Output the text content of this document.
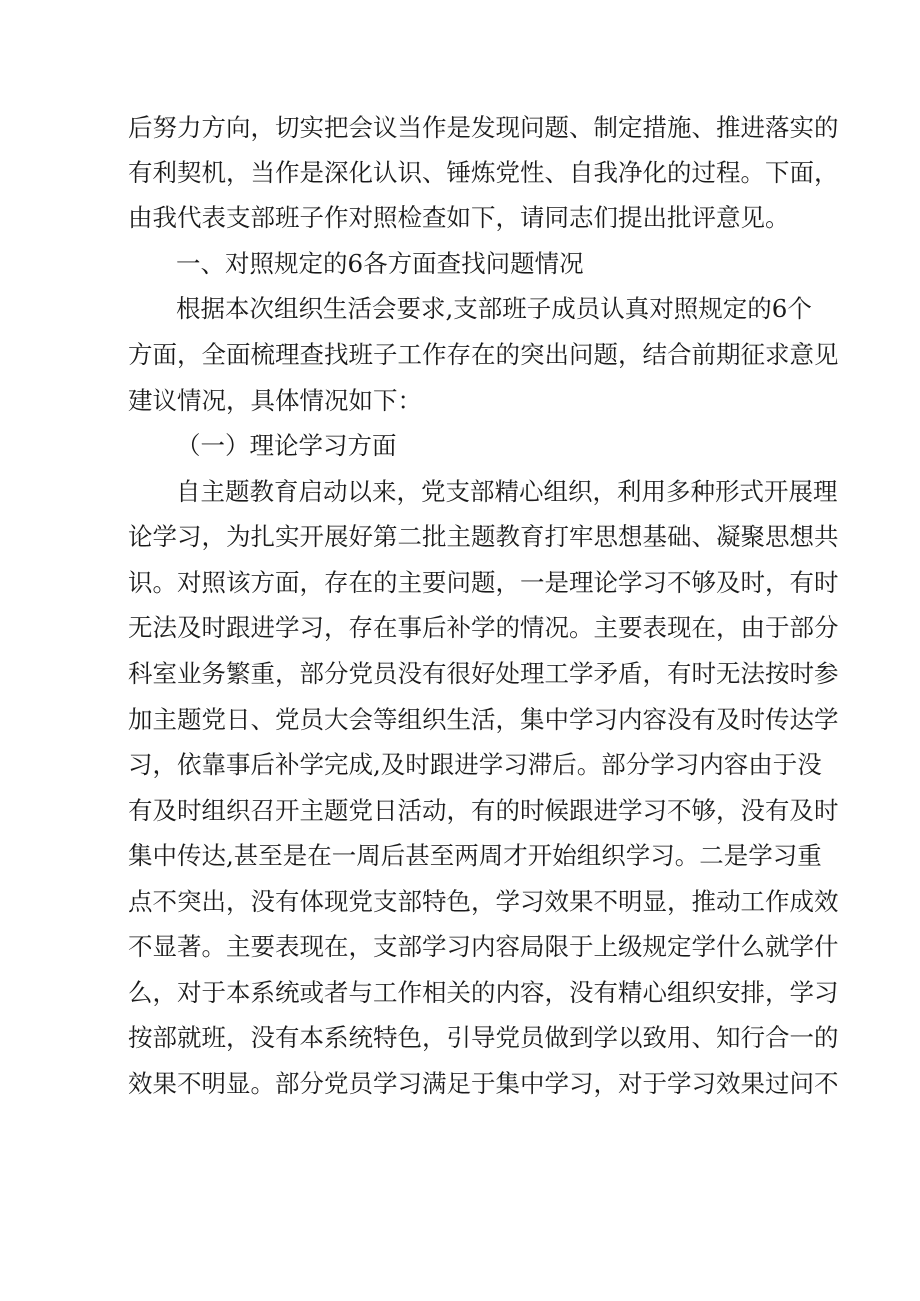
后努力方向，切实把会议当作是发现问题、制定措施、推进落实的
有利契机，当作是深化认识、锤炼党性、自我净化的过程。下面，
由我代表支部班子作对照检查如下，请同志们提出批评意见。
一、对照规定的6各方面查找问题情况
根据本次组织生活会要求,支部班子成员认真对照规定的6个
方面，全面梳理查找班子工作存在的突出问题，结合前期征求意见
建议情况，具体情况如下：
（一）理论学习方面
自主题教育启动以来，党支部精心组织，利用多种形式开展理
论学习，为扎实开展好第二批主题教育打牢思想基础、凝聚思想共
识。对照该方面，存在的主要问题，一是理论学习不够及时，有时
无法及时跟进学习，存在事后补学的情况。主要表现在，由于部分
科室业务繁重，部分党员没有很好处理工学矛盾，有时无法按时参
加主题党日、党员大会等组织生活，集中学习内容没有及时传达学
习，依靠事后补学完成,及时跟进学习滞后。部分学习内容由于没
有及时组织召开主题党日活动，有的时候跟进学习不够，没有及时
集中传达,甚至是在一周后甚至两周才开始组织学习。二是学习重
点不突出，没有体现党支部特色，学习效果不明显，推动工作成效
不显著。主要表现在，支部学习内容局限于上级规定学什么就学什
么，对于本系统或者与工作相关的内容，没有精心组织安排，学习
按部就班，没有本系统特色，引导党员做到学以致用、知行合一的
效果不明显。部分党员学习满足于集中学习，对于学习效果过问不
